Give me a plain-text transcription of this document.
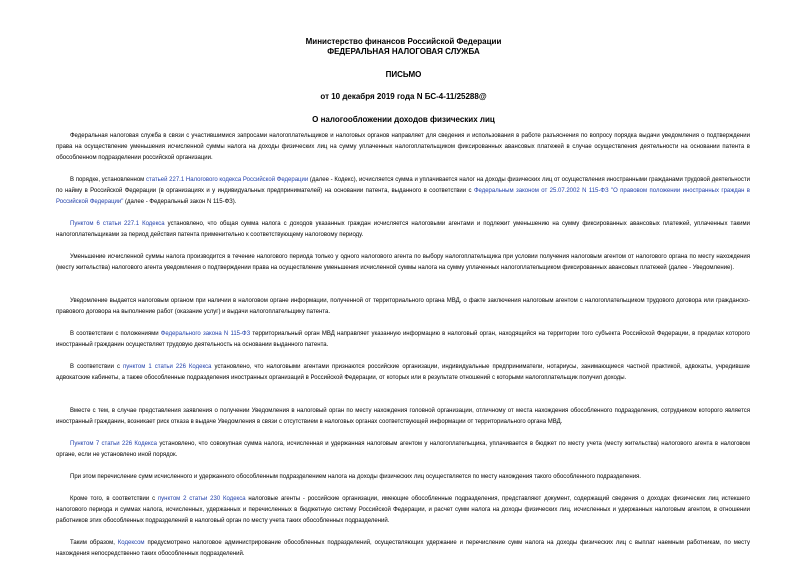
Министерство финансов Российской Федерации
ФЕДЕРАЛЬНАЯ НАЛОГОВАЯ СЛУЖБА
ПИСЬМО
от 10 декабря 2019 года N БС-4-11/25288@
О налогообложении доходов физических лиц

Федеральная налоговая служба в связи с участившимися запросами налогоплательщиков и налоговых органов направляет для сведения и использования в работе разъяснения по вопросу порядка выдачи уведомления о подтверждении права на осуществление уменьшения исчисленной суммы налога на доходы физических лиц на сумму уплаченных налогоплательщиком фиксированных авансовых платежей в случае осуществления деятельности на основании патента в обособленном подразделении российской организации.

В порядке, установленном статьей 227.1 Налогового кодекса Российской Федерации (далее - Кодекс), исчисляется сумма и уплачивается налог на доходы физических лиц от осуществления иностранными гражданами трудовой деятельности по найму в Российской Федерации (в организациях и у индивидуальных предпринимателей) на основании патента, выданного в соответствии с Федеральным законом от 25.07.2002 N 115-ФЗ "О правовом положении иностранных граждан в Российской Федерации" (далее - Федеральный закон N 115-ФЗ).

Пунктом 6 статьи 227.1 Кодекса установлено, что общая сумма налога с доходов указанных граждан исчисляется налоговыми агентами и подлежит уменьшению на сумму фиксированных авансовых платежей, уплаченных такими налогоплательщиками за период действия патента применительно к соответствующему налоговому периоду.

Уменьшение исчисленной суммы налога производится в течение налогового периода только у одного налогового агента по выбору налогоплательщика при условии получения налоговым агентом от налогового органа по месту нахождения (месту жительства) налогового агента уведомления о подтверждении права на осуществление уменьшения исчисленной суммы налога на сумму уплаченных налогоплательщиком фиксированных авансовых платежей (далее - Уведомление).

Уведомление выдается налоговым органом при наличии в налоговом органе информации, полученной от территориального органа МВД, о факте заключения налоговым агентом с налогоплательщиком трудового договора или гражданско-правового договора на выполнение работ (оказание услуг) и выдачи налогоплательщику патента.

В соответствии с положениями Федерального закона N 115-ФЗ территориальный орган МВД направляет указанную информацию в налоговый орган, находящийся на территории того субъекта Российской Федерации, в пределах которого иностранный гражданин осуществляет трудовую деятельность на основании выданного патента.

В соответствии с пунктом 1 статьи 226 Кодекса установлено, что налоговыми агентами признаются российские организации, индивидуальные предприниматели, нотариусы, занимающиеся частной практикой, адвокаты, учредившие адвокатские кабинеты, а также обособленные подразделения иностранных организаций в Российской Федерации, от которых или в результате отношений с которыми налогоплательщик получил доходы.

Вместе с тем, в случае представления заявления о получении Уведомления в налоговый орган по месту нахождения головной организации, отличному от места нахождения обособленного подразделения, сотрудником которого является иностранный гражданин, возникает риск отказа в выдаче Уведомления в связи с отсутствием в налоговых органах соответствующей информации от территориального органа МВД.

Пунктом 7 статьи 226 Кодекса установлено, что совокупная сумма налога, исчисленная и удержанная налоговым агентом у налогоплательщика, уплачивается в бюджет по месту учета (месту жительства) налогового агента в налоговом органе, если не установлено иной порядок.

При этом перечисление сумм исчисленного и удержанного обособленным подразделением налога на доходы физических лиц осуществляется по месту нахождения такого обособленного подразделения.

Кроме того, в соответствии с пунктом 2 статьи 230 Кодекса налоговые агенты - российские организации, имеющие обособленные подразделения, представляют документ, содержащий сведения о доходах физических лиц истекшего налогового периода и суммах налога, исчисленных, удержанных и перечисленных в бюджетную систему Российской Федерации, и расчет сумм налога на доходы физических лиц, исчисленных и удержанных налоговым агентом, в отношении работников этих обособленных подразделений в налоговый орган по месту учета таких обособленных подразделений.

Таким образом, Кодексом предусмотрено налоговое администрирование обособленных подразделений, осуществляющих удержание и перечисление сумм налога на доходы физических лиц с выплат наемным работникам, по месту нахождения непосредственно таких обособленных подразделений.
